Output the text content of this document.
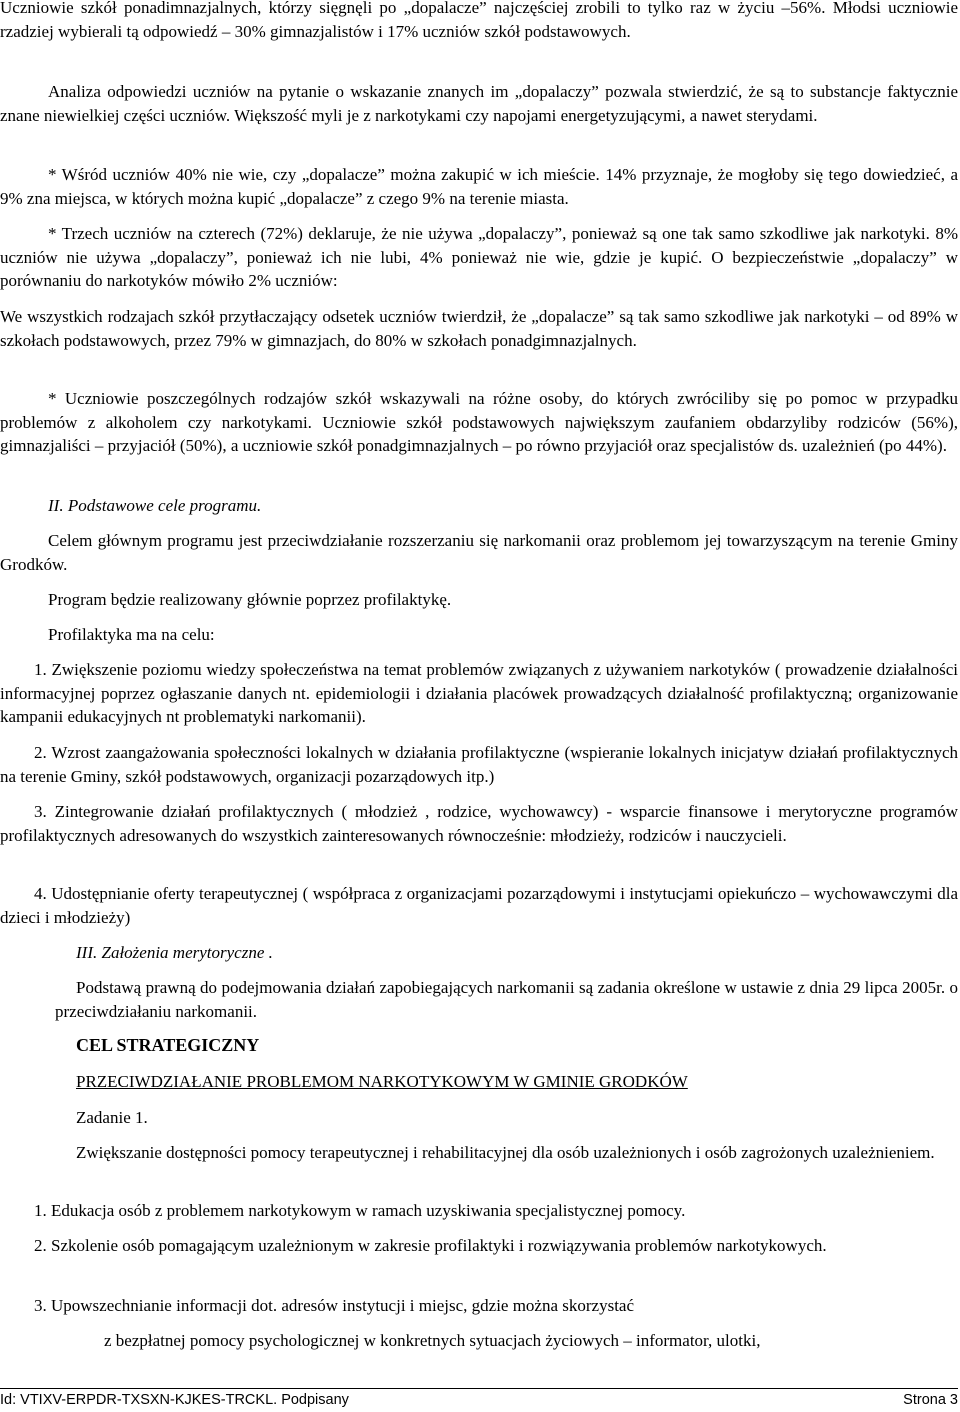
Uczniowie szkół ponadimnazjalnych, którzy sięgnęli po „dopalacze” najczęściej zrobili to tylko raz w życiu –56%. Młodsi uczniowie rzadziej wybierali tą odpowiedź – 30% gimnazjalistów i 17% uczniów szkół podstawowych.

Analiza odpowiedzi uczniów na pytanie o wskazanie znanych im „dopalaczy” pozwala stwierdzić, że są to substancje faktycznie znane niewielkiej części uczniów. Większość myli je z narkotykami czy napojami energetyzującymi, a nawet sterydami.

* Wśród uczniów 40% nie wie, czy „dopalacze” można zakupić w ich mieście. 14% przyznaje, że mogłoby się tego dowiedzieć, a 9% zna miejsca, w których można kupić „dopalacze” z czego 9% na terenie miasta.

* Trzech uczniów na czterech (72%) deklaruje, że nie używa „dopalaczy”, ponieważ są one tak samo szkodliwe jak narkotyki. 8% uczniów nie używa „dopalaczy”, ponieważ ich nie lubi, 4% ponieważ nie wie, gdzie je kupić. O bezpieczeństwie „dopalaczy” w porównaniu do narkotyków mówiło 2% uczniów:

We wszystkich rodzajach szkół przytłaczający odsetek uczniów twierdził, że „dopalacze” są tak samo szkodliwe jak narkotyki – od 89% w szkołach podstawowych, przez 79% w gimnazjach, do 80% w szkołach ponadgimnazjalnych.

* Uczniowie poszczególnych rodzajów szkół wskazywali na różne osoby, do których zwróciliby się po pomoc w przypadku problemów z alkoholem czy narkotykami. Uczniowie szkół podstawowych największym zaufaniem obdarzyliby rodziców (56%), gimnazjaliści – przyjaciół (50%), a uczniowie szkół ponadgimnazjalnych – po równo przyjaciół oraz specjalistów ds. uzależnień (po 44%).

II. Podstawowe cele programu.

Celem głównym programu jest przeciwdziałanie rozszerzaniu się narkomanii oraz problemom jej towarzyszącym na terenie Gminy Grodków.

Program będzie realizowany głównie poprzez profilaktykę.

Profilaktyka ma na celu:

1. Zwiększenie poziomu wiedzy społeczeństwa na temat problemów związanych z używaniem narkotyków ( prowadzenie działalności informacyjnej poprzez ogłaszanie danych nt. epidemiologii i działania placówek prowadzących działalność profilaktyczną; organizowanie kampanii edukacyjnych nt problematyki narkomanii).

2. Wzrost zaangażowania społeczności lokalnych w działania profilaktyczne (wspieranie lokalnych inicjatyw działań profilaktycznych na terenie Gminy, szkół podstawowych, organizacji pozarządowych itp.)

3. Zintegrowanie działań profilaktycznych ( młodzież , rodzice, wychowawcy) - wsparcie finansowe i merytoryczne programów profilaktycznych adresowanych do wszystkich zainteresowanych równocześnie: młodzieży, rodziców i nauczycieli.

4. Udostępnianie oferty terapeutycznej ( współpraca z organizacjami pozarządowymi i instytucjami opiekuńczo – wychowawczymi dla dzieci i młodzieży)

III. Założenia merytoryczne .

Podstawą prawną do podejmowania działań zapobiegających narkomanii są zadania określone w ustawie z dnia 29 lipca 2005r. o przeciwdziałaniu narkomanii.

CEL STRATEGICZNY

PRZECIWDZIAŁANIE PROBLEMOM NARKOTYKOWYM W GMINIE GRODKÓW

Zadanie 1.

Zwiększanie dostępności pomocy terapeutycznej i rehabilitacyjnej dla osób uzależnionych i osób zagrożonych uzależnieniem.

1. Edukacja osób z problemem narkotykowym w ramach uzyskiwania specjalistycznej pomocy.

2. Szkolenie osób pomagającym uzależnionym w zakresie profilaktyki i rozwiązywania problemów narkotykowych.

3. Upowszechnianie informacji dot. adresów instytucji i miejsc, gdzie można skorzystać

z bezpłatnej pomocy psychologicznej w konkretnych sytuacjach życiowych – informator, ulotki,

Id: VTIXV-ERPDR-TXSXN-KJKES-TRCKL. Podpisany	Strona 3
